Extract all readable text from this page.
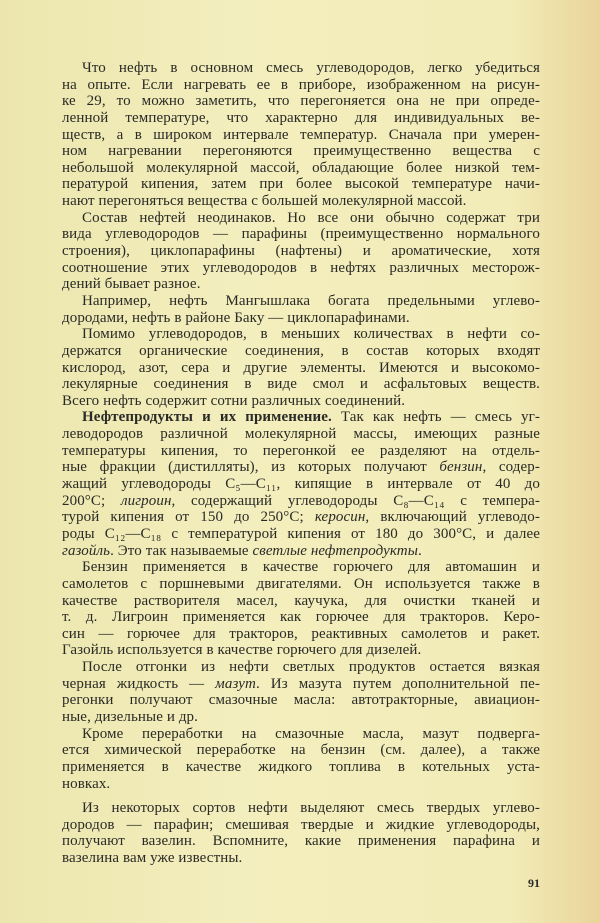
Что нефть в основном смесь углеводородов, легко убедиться
на опыте. Если нагревать ее в приборе, изображенном на рисун-
ке 29, то можно заметить, что перегоняется она не при опреде-
ленной температуре, что характерно для индивидуальных ве-
ществ, а в широком интервале температур. Сначала при умерен-
ном нагревании перегоняются преимущественно вещества с
небольшой молекулярной массой, обладающие более низкой тем-
пературой кипения, затем при более высокой температуре начи-
нают перегоняться вещества с большей молекулярной массой.
Состав нефтей неодинаков. Но все они обычно содержат три
вида углеводородов — парафины (преимущественно нормального
строения), циклопарафины (нафтены) и ароматические, хотя
соотношение этих углеводородов в нефтях различных месторож-
дений бывает разное.
Например, нефть Мангышлака богата предельными углево-
дородами, нефть в районе Баку — циклопарафинами.
Помимо углеводородов, в меньших количествах в нефти со-
держатся органические соединения, в состав которых входят
кислород, азот, сера и другие элементы. Имеются и высокомо-
лекулярные соединения в виде смол и асфальтовых веществ.
Всего нефть содержит сотни различных соединений.
Нефтепродукты и их применение. Так как нефть — смесь уг-
леводородов различной молекулярной массы, имеющих разные
температуры кипения, то перегонкой ее разделяют на отдель-
ные фракции (дистилляты), из которых получают бензин, содер-
жащий углеводороды C₅—C₁₁, кипящие в интервале от 40 до
200°C; лигроин, содержащий углеводороды C₈—C₁₄ с темпера-
турой кипения от 150 до 250°C; керосин, включающий углеводо-
роды C₁₂—C₁₈ с температурой кипения от 180 до 300°C, и далее
газойль. Это так называемые светлые нефтепродукты.
Бензин применяется в качестве горючего для автомашин и
самолетов с поршневыми двигателями. Он используется также в
качестве растворителя масел, каучука, для очистки тканей и
т. д. Лигроин применяется как горючее для тракторов. Керо-
син — горючее для тракторов, реактивных самолетов и ракет.
Газойль используется в качестве горючего для дизелей.
После отгонки из нефти светлых продуктов остается вязкая
черная жидкость — мазут. Из мазута путем дополнительной пе-
регонки получают смазочные масла: автотракторные, авиацион-
ные, дизельные и др.
Кроме переработки на смазочные масла, мазут подверга-
ется химической переработке на бензин (см. далее), а также
применяется в качестве жидкого топлива в котельных уста-
новках.
Из некоторых сортов нефти выделяют смесь твердых углево-
дородов — парафин; смешивая твердые и жидкие углеводороды,
получают вазелин. Вспомните, какие применения парафина и
вазелина вам уже известны.
91
